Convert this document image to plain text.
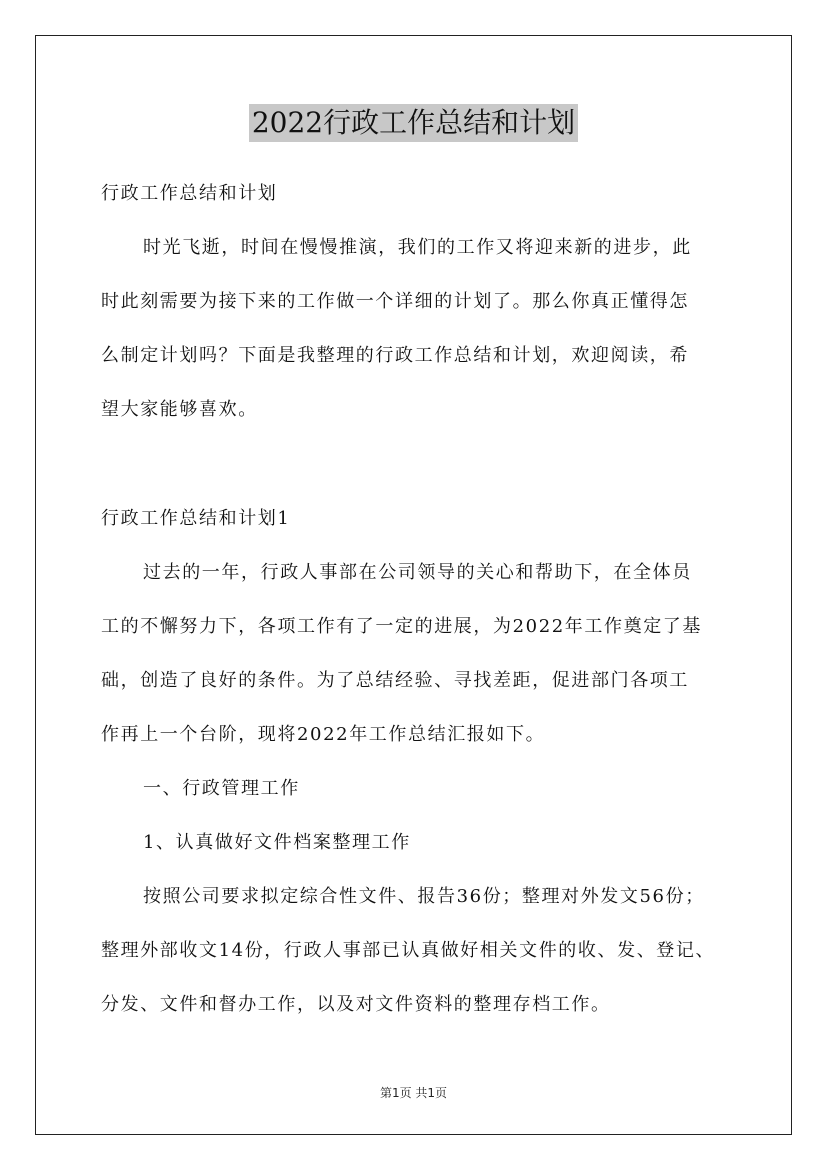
2022行政工作总结和计划
行政工作总结和计划
时光飞逝，时间在慢慢推演，我们的工作又将迎来新的进步，此
时此刻需要为接下来的工作做一个详细的计划了。那么你真正懂得怎
么制定计划吗？下面是我整理的行政工作总结和计划，欢迎阅读，希
望大家能够喜欢。
行政工作总结和计划1
过去的一年，行政人事部在公司领导的关心和帮助下，在全体员
工的不懈努力下，各项工作有了一定的进展，为2022年工作奠定了基
础，创造了良好的条件。为了总结经验、寻找差距，促进部门各项工
作再上一个台阶，现将2022年工作总结汇报如下。
一、行政管理工作
1、认真做好文件档案整理工作
按照公司要求拟定综合性文件、报告36份；整理对外发文56份；
整理外部收文14份，行政人事部已认真做好相关文件的收、发、登记、
分发、文件和督办工作，以及对文件资料的整理存档工作。
第1页 共1页
